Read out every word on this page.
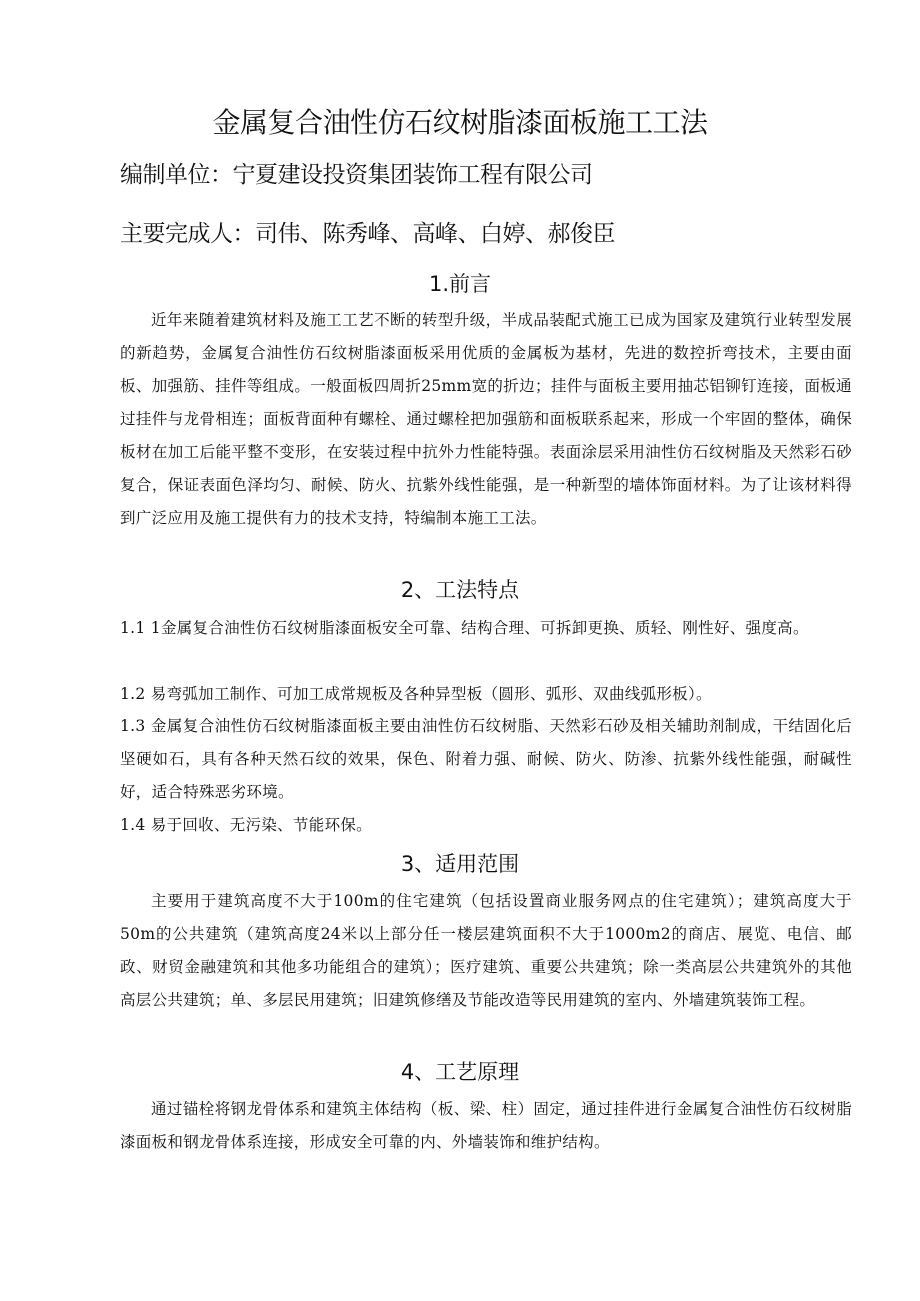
金属复合油性仿石纹树脂漆面板施工工法
编制单位：宁夏建设投资集团装饰工程有限公司
主要完成人：司伟、陈秀峰、高峰、白婷、郝俊臣
1.前言

近年来随着建筑材料及施工工艺不断的转型升级，半成品装配式施工已成为国家及建筑行业转型发展的新趋势，金属复合油性仿石纹树脂漆面板采用优质的金属板为基材，先进的数控折弯技术，主要由面板、加强筋、挂件等组成。一般面板四周折25mm宽的折边；挂件与面板主要用抽芯铝铆钉连接，面板通过挂件与龙骨相连；面板背面种有螺栓、通过螺栓把加强筋和面板联系起来，形成一个牢固的整体，确保板材在加工后能平整不变形，在安装过程中抗外力性能特强。表面涂层采用油性仿石纹树脂及天然彩石砂复合，保证表面色泽均匀、耐候、防火、抗紫外线性能强，是一种新型的墙体饰面材料。为了让该材料得到广泛应用及施工提供有力的技术支持，特编制本施工工法。

2、工法特点

1.1 1金属复合油性仿石纹树脂漆面板安全可靠、结构合理、可拆卸更换、质轻、刚性好、强度高。

1.2 易弯弧加工制作、可加工成常规板及各种异型板（圆形、弧形、双曲线弧形板）。

1.3 金属复合油性仿石纹树脂漆面板主要由油性仿石纹树脂、天然彩石砂及相关辅助剂制成，干结固化后坚硬如石，具有各种天然石纹的效果，保色、附着力强、耐候、防火、防渗、抗紫外线性能强，耐碱性好，适合特殊恶劣环境。

1.4 易于回收、无污染、节能环保。

3、适用范围

主要用于建筑高度不大于100m的住宅建筑（包括设置商业服务网点的住宅建筑）；建筑高度大于50m的公共建筑（建筑高度24米以上部分任一楼层建筑面积不大于1000m2的商店、展览、电信、邮政、财贸金融建筑和其他多功能组合的建筑）；医疗建筑、重要公共建筑；除一类高层公共建筑外的其他高层公共建筑；单、多层民用建筑；旧建筑修缮及节能改造等民用建筑的室内、外墙建筑装饰工程。

4、工艺原理

通过锚栓将钢龙骨体系和建筑主体结构（板、梁、柱）固定，通过挂件进行金属复合油性仿石纹树脂漆面板和钢龙骨体系连接，形成安全可靠的内、外墙装饰和维护结构。
